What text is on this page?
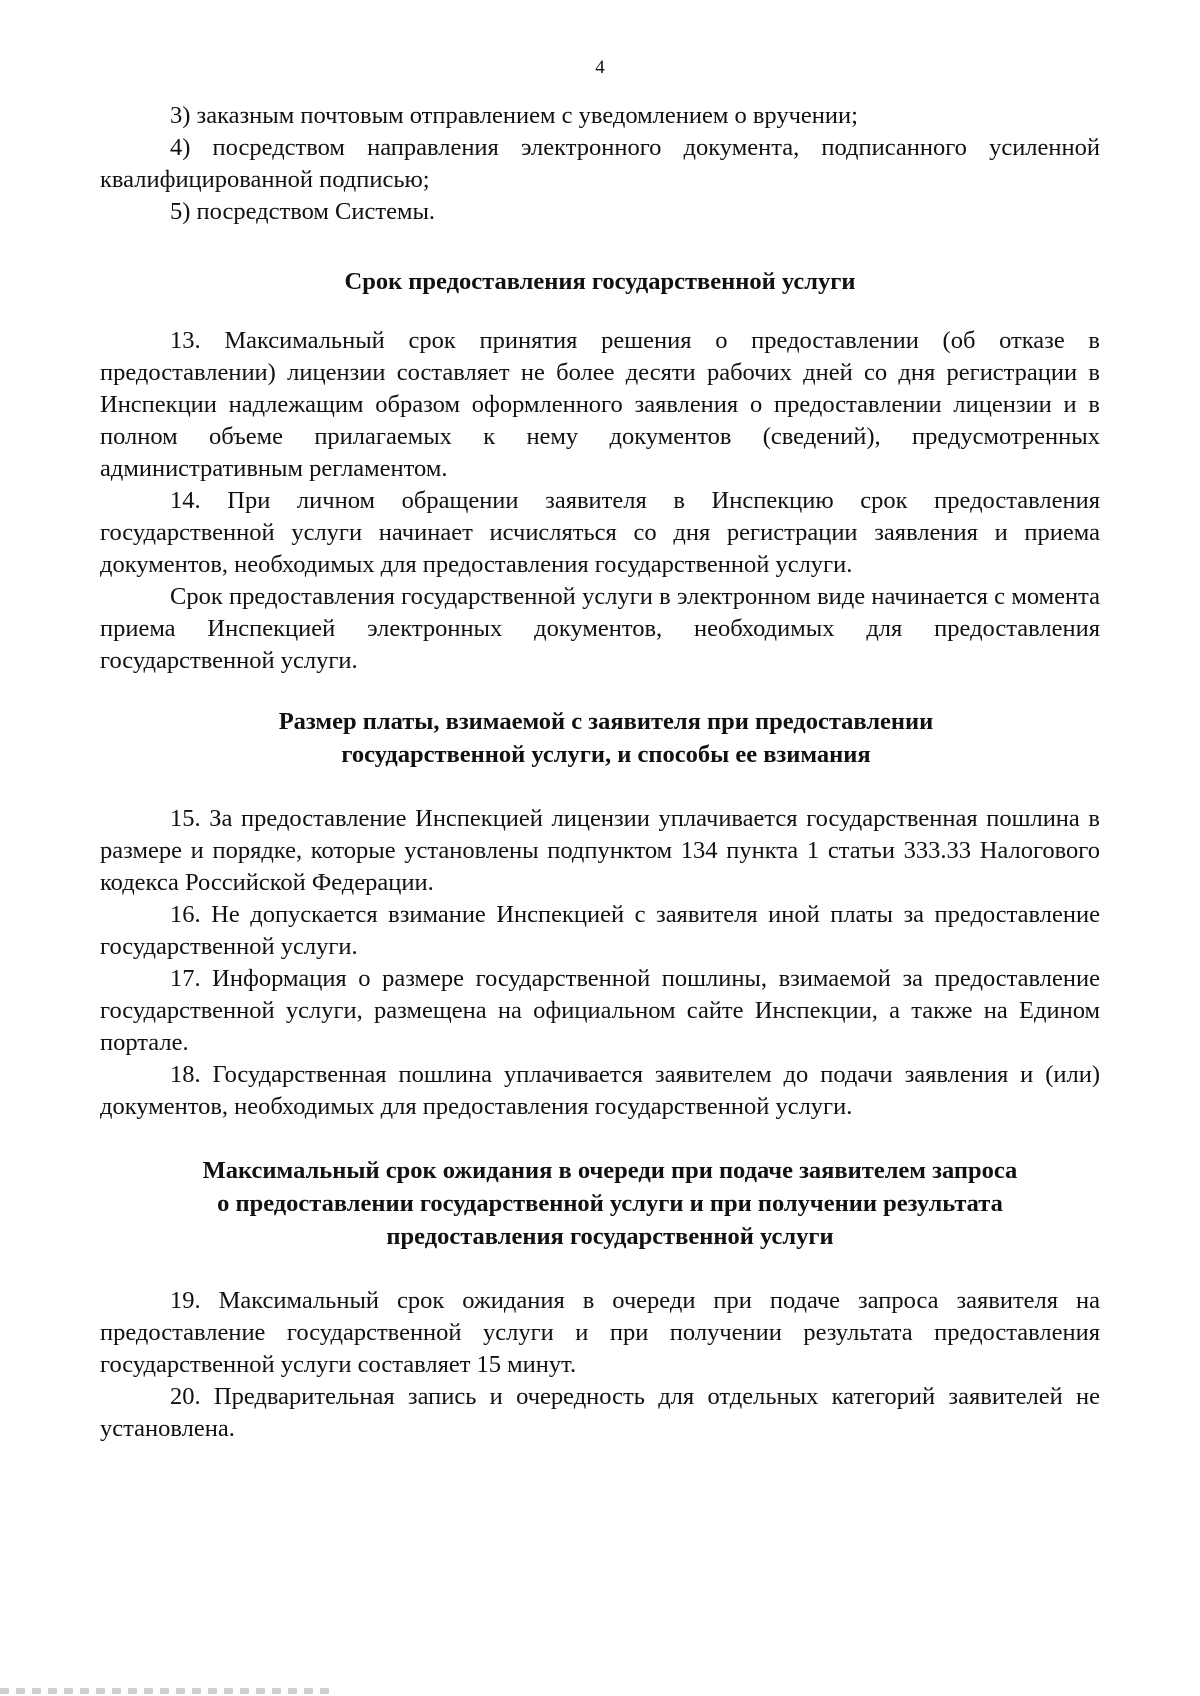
4

3) заказным почтовым отправлением с уведомлением о вручении;

4) посредством направления электронного документа, подписанного усиленной квалифицированной подписью;

5) посредством Системы.

Срок предоставления государственной услуги

13. Максимальный срок принятия решения о предоставлении (об отказе в предоставлении) лицензии составляет не более десяти рабочих дней со дня регистрации в Инспекции надлежащим образом оформленного заявления о предоставлении лицензии и в полном объеме прилагаемых к нему документов (сведений), предусмотренных административным регламентом.

14. При личном обращении заявителя в Инспекцию срок предоставления государственной услуги начинает исчисляться со дня регистрации заявления и приема документов, необходимых для предоставления государственной услуги.

Срок предоставления государственной услуги в электронном виде начинается с момента приема Инспекцией электронных документов, необходимых для предоставления государственной услуги.

Размер платы, взимаемой с заявителя при предоставлении
государственной услуги, и способы ее взимания

15. За предоставление Инспекцией лицензии уплачивается государственная пошлина в размере и порядке, которые установлены подпунктом 134 пункта 1 статьи 333.33 Налогового кодекса Российской Федерации.

16. Не допускается взимание Инспекцией с заявителя иной платы за предоставление государственной услуги.

17. Информация о размере государственной пошлины, взимаемой за предоставление государственной услуги, размещена на официальном сайте Инспекции, а также на Едином портале.

18. Государственная пошлина уплачивается заявителем до подачи заявления и (или) документов, необходимых для предоставления государственной услуги.

Максимальный срок ожидания в очереди при подаче заявителем запроса
о предоставлении государственной услуги и при получении результата
предоставления государственной услуги

19. Максимальный срок ожидания в очереди при подаче запроса заявителя на предоставление государственной услуги и при получении результата предоставления государственной услуги составляет 15 минут.

20. Предварительная запись и очередность для отдельных категорий заявителей не установлена.
